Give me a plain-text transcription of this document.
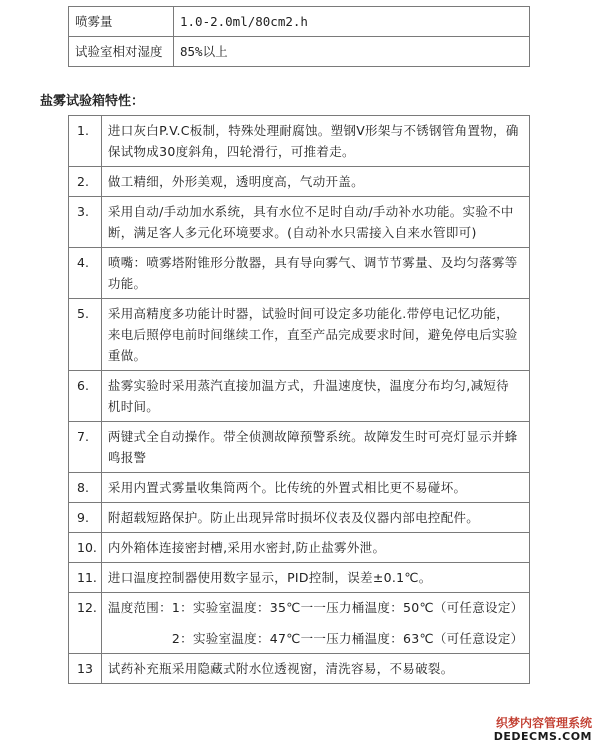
喷雾量	1.0-2.0ml/80cm2.h
试验室相对湿度	85%以上
盐雾试验箱特性：
1.	进口灰白P.V.C板制，特殊处理耐腐蚀。塑钢V形架与不锈钢管角置物，确保试物成30度斜角，四轮滑行，可推着走。

2.	做工精细，外形美观，透明度高，气动开盖。

3.	采用自动/手动加水系统，具有水位不足时自动/手动补水功能。实验不中断，满足客人多元化环境要求。(自动补水只需接入自来水管即可)

4.	喷嘴：喷雾塔附锥形分散器，具有导向雾气、调节节雾量、及均匀落雾等功能。

5.	采用高精度多功能计时器，试验时间可设定多功能化.带停电记忆功能，来电后照停电前时间继续工作，直至产品完成要求时间，避免停电后实验重做。

6.	盐雾实验时采用蒸汽直接加温方式，升温速度快，温度分布均匀,减短待机时间。

7.	两键式全自动操作。带全侦测故障预警系统。故障发生时可亮灯显示并蜂鸣报警

8.	采用内置式雾量收集筒两个。比传统的外置式相比更不易碰坏。

9.	附超载短路保护。防止出现异常时损坏仪表及仪器内部电控配件。

10.	内外箱体连接密封槽,采用水密封,防止盐雾外泄。

11.	进口温度控制器使用数字显示，PID控制，误差±0.1℃。

12.	温度范围：1：实验室温度：35℃一一压力桶温度：50℃（可任意设定）
　　　　　2：实验室温度：47℃一一压力桶温度：63℃（可任意设定）

13	试药补充瓶采用隐藏式附水位透视窗，清洗容易，不易破裂。
织梦内容管理系统
DEDECMS.COM
